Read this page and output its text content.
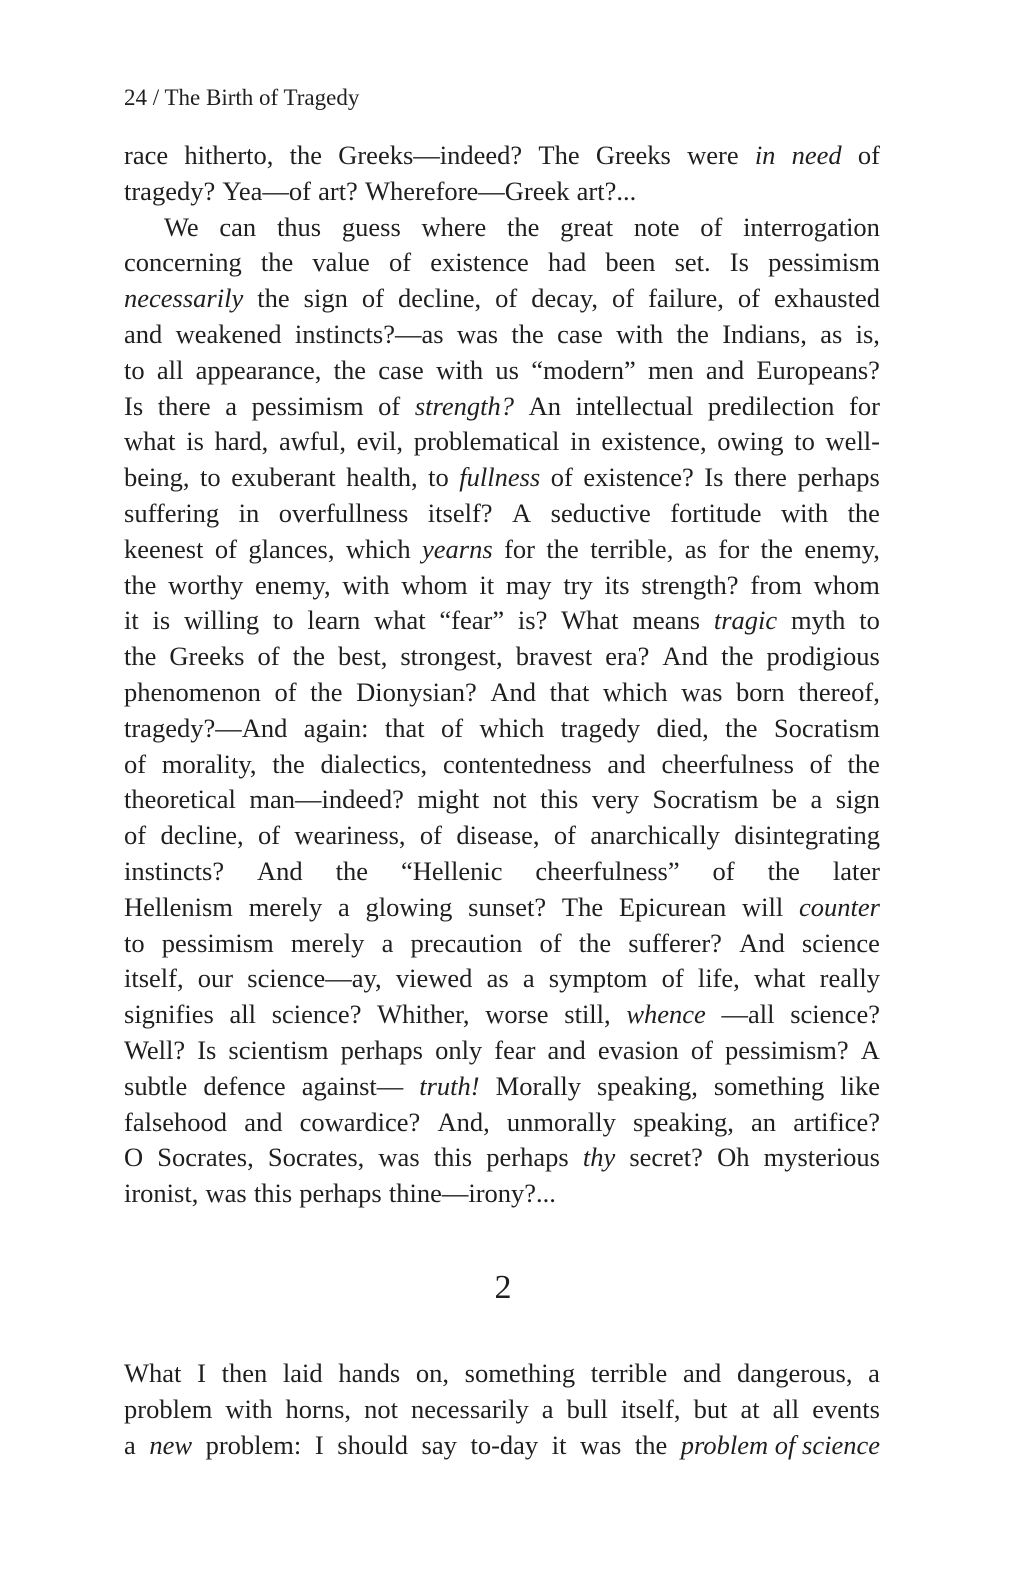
24 / The Birth of Tragedy
race hitherto, the Greeks—indeed? The Greeks were in need of
tragedy? Yea—of art? Wherefore—Greek art?...
We can thus guess where the great note of interrogation
concerning the value of existence had been set. Is pessimism
necessarily the sign of decline, of decay, of failure, of exhausted
and weakened instincts?—as was the case with the Indians, as is,
to all appearance, the case with us “modern” men and Europeans?
Is there a pessimism of strength? An intellectual predilection for
what is hard, awful, evil, problematical in existence, owing to well-
being, to exuberant health, to fullness of existence? Is there perhaps
suffering in overfullness itself? A seductive fortitude with the
keenest of glances, which yearns for the terrible, as for the enemy,
the worthy enemy, with whom it may try its strength? from whom
it is willing to learn what “fear” is? What means tragic myth to
the Greeks of the best, strongest, bravest era? And the prodigious
phenomenon of the Dionysian? And that which was born thereof,
tragedy?—And again: that of which tragedy died, the Socratism
of morality, the dialectics, contentedness and cheerfulness of the
theoretical man—indeed? might not this very Socratism be a sign
of decline, of weariness, of disease, of anarchically disintegrating
instincts? And the “Hellenic cheerfulness” of the later
Hellenism merely a glowing sunset? The Epicurean will counter
to pessimism merely a precaution of the sufferer? And science
itself, our science—ay, viewed as a symptom of life, what really
signifies all science? Whither, worse still, whence —all science?
Well? Is scientism perhaps only fear and evasion of pessimism? A
subtle defence against— truth! Morally speaking, something like
falsehood and cowardice? And, unmorally speaking, an artifice?
O Socrates, Socrates, was this perhaps thy secret? Oh mysterious
ironist, was this perhaps thine—irony?...
2
What I then laid hands on, something terrible and dangerous, a
problem with horns, not necessarily a bull itself, but at all events
a new problem: I should say to-day it was the problem of science
